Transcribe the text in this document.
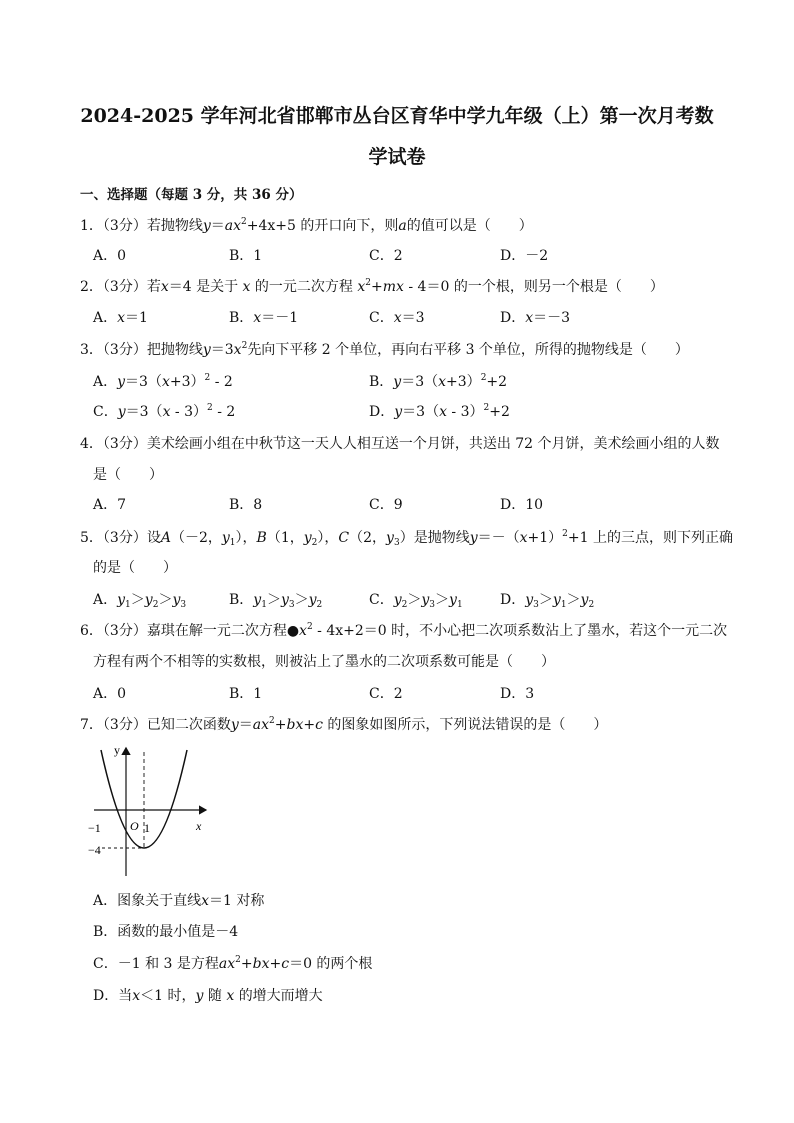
2024-2025 学年河北省邯郸市丛台区育华中学九年级（上）第一次月考数
学试卷
一、选择题（每题 3 分，共 36 分）
1．（3分）若抛物线$y=ax^2+4x+5$ 的开口向下，则a的值可以是（　　）
A．0	B．1	C．2	D．－2
2．（3分）若x＝4 是关于 x 的一元二次方程 $x^2+mx - 4=0$ 的一个根，则另一个根是（　　）
A．x＝1	B．x＝－1	C．x＝3	D．x＝－3
3．（3分）把抛物线$y=3x^2$先向下平移 2 个单位，再向右平移 3 个单位，所得的抛物线是（　　）
A．$y=3(x+3)^2 - 2$	B．$y=3(x+3)^2+2$
C．y＝3（x - 3）$^2$ - 2	D．y＝3（x - 3）$^2$+2
4．（3分）美术绘画小组在中秋节这一天人人相互送一个月饼，共送出 72 个月饼，美术绘画小组的人数
是（　　）
A．7	B．8	C．9	D．10
5．（3分）设A（－2，$y_1$），B（1，$y_2$），C（2，$y_3$）是抛物线$y=-(x+1)^2+1$ 上的三点，则下列正确
的是（　　）
A．$y_1>y_2>y_3$	B．$y_1>y_3>y_2$	C．$y_2>y_3>y_1$	D．$y_3>y_1>y_2$
6．（3分）嘉琪在解一元二次方程$●x^2 - 4x+2=0$ 时，不小心把二次项系数沾上了墨水，若这个一元二次
方程有两个不相等的实数根，则被沾上了墨水的二次项系数可能是（　　）
A．0	B．1	C．2	D．3
7．（3分）已知二次函数$y=ax^2+bx+c$ 的图象如图所示，下列说法错误的是（　　）
y
x
−1 O 1
−4
A．图象关于直线x＝1 对称
B．函数的最小值是－4
C．－1 和 3 是方程$ax^2+bx+c=0$ 的两个根
D．当x＜1 时，y 随 x 的增大而增大
